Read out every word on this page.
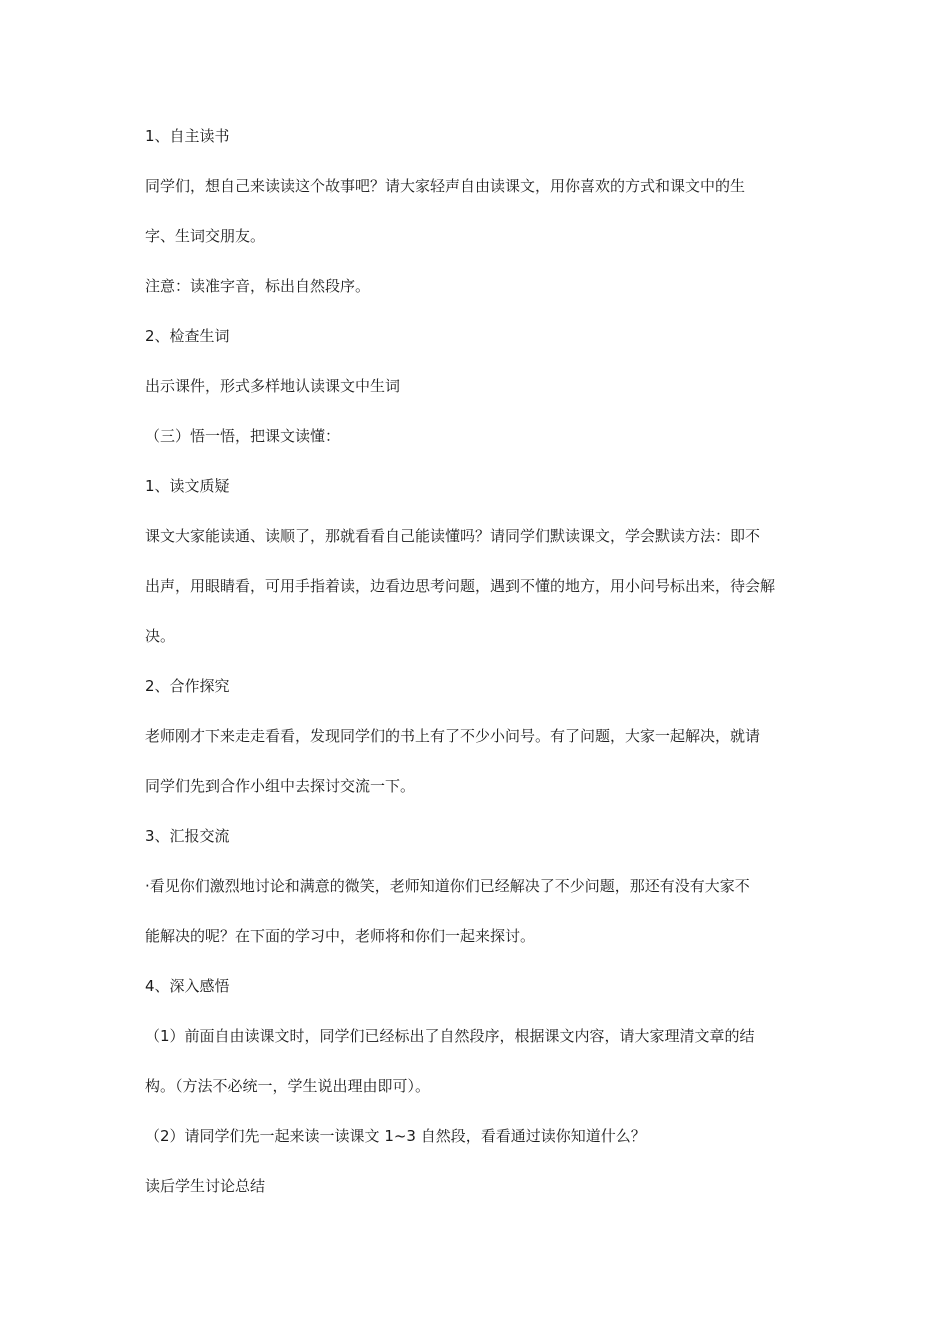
1、自主读书

同学们，想自己来读读这个故事吧？请大家轻声自由读课文，用你喜欢的方式和课文中的生

字、生词交朋友。

注意：读准字音，标出自然段序。

2、检查生词

出示课件，形式多样地认读课文中生词

（三）悟一悟，把课文读懂：

1、读文质疑

课文大家能读通、读顺了，那就看看自己能读懂吗？请同学们默读课文，学会默读方法：即不

出声，用眼睛看，可用手指着读，边看边思考问题，遇到不懂的地方，用小问号标出来，待会解

决。

2、合作探究

老师刚才下来走走看看，发现同学们的书上有了不少小问号。有了问题，大家一起解决，就请

同学们先到合作小组中去探讨交流一下。

3、汇报交流

·看见你们激烈地讨论和满意的微笑，老师知道你们已经解决了不少问题，那还有没有大家不

能解决的呢？在下面的学习中，老师将和你们一起来探讨。

4、深入感悟

（1）前面自由读课文时，同学们已经标出了自然段序，根据课文内容，请大家理清文章的结

构。（方法不必统一，学生说出理由即可）。

（2）请同学们先一起来读一读课文 1~3 自然段，看看通过读你知道什么？

读后学生讨论总结
